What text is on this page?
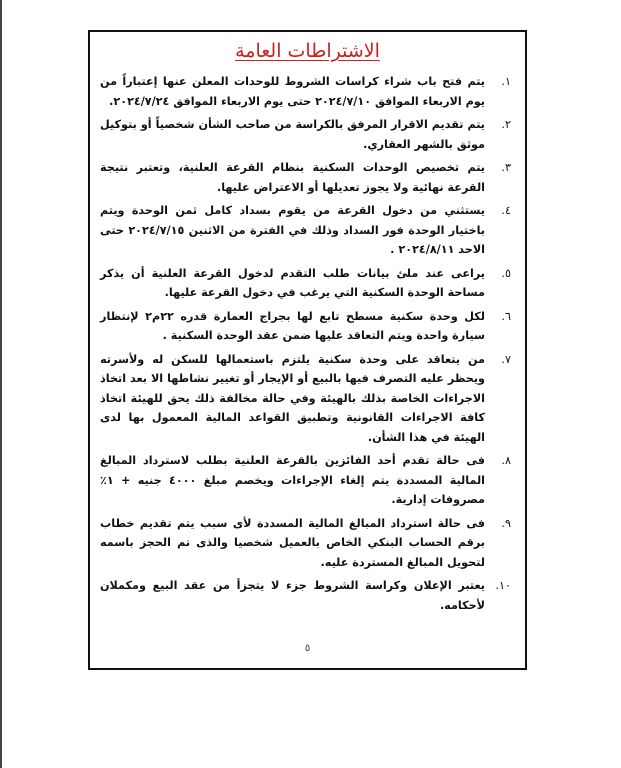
الاشتراطات العامة
١.
يتم فتح باب شراء كراسات الشروط للوحدات المعلن عنها إعتباراً من يوم الاربعاء الموافق ٢٠٢٤/٧/١٠ حتى يوم الاربعاء الموافق ٢٠٢٤/٧/٢٤.
٢.
يتم تقديم الاقرار المرفق بالكراسة من صاحب الشأن شخصياً أو بتوكيل موثق بالشهر العقاري.
٣.
يتم تخصيص الوحدات السكنية بنظام القرعة العلنية، وتعتبر نتيجة القرعة نهائية ولا يجوز تعديلها أو الاعتراض عليها.
٤.
يستثني من دخول القرعة من يقوم بسداد كامل ثمن الوحدة ويتم باختيار الوحدة فور السداد وذلك في الفترة من الاثنين ٢٠٢٤/٧/١٥ حتى الاحد ٢٠٢٤/٨/١١ .
٥.
يراعى عند ملئ بيانات طلب التقدم لدخول القرعة العلنية أن يذكر مساحة الوحدة السكنية التي يرغب في دخول القرعة عليها.
٦.
لكل وحدة سكنية مسطح تابع لها بجراج العمارة قدره ٢٢م٢ لإنتظار سيارة واحدة ويتم التعاقد عليها ضمن عقد الوحدة السكنية .
٧.
من يتعاقد على وحدة سكنية يلتزم باستعمالها للسكن له ولأسرته ويحظر عليه التصرف فيها بالبيع أو الإيجار أو تغيير نشاطها الا بعد اتخاذ الاجراءات الخاصة بذلك بالهيئة وفي حالة مخالفة ذلك يحق للهيئة اتخاذ كافة الاجراءات القانونية وتطبيق القواعد المالية المعمول بها لدى الهيئة في هذا الشأن.
٨.
فى حالة تقدم أحد الفائزين بالقرعة العلنية بطلب لاسترداد المبالغ المالية المسددة يتم إلغاء الإجراءات ويخصم مبلغ ٤٠٠٠ جنيه + ١٪ مصروفات إدارية.
٩.
فى حالة استرداد المبالغ المالية المسددة لأى سبب يتم تقديم خطاب برقم الحساب البنكي الخاص بالعميل شخصيا والذى تم الحجز باسمه لتحويل المبالغ المستردة عليه.
١٠.
يعتبر الإعلان وكراسة الشروط جزء لا يتجزأ من عقد البيع ومكملان لأحكامه.
٥
